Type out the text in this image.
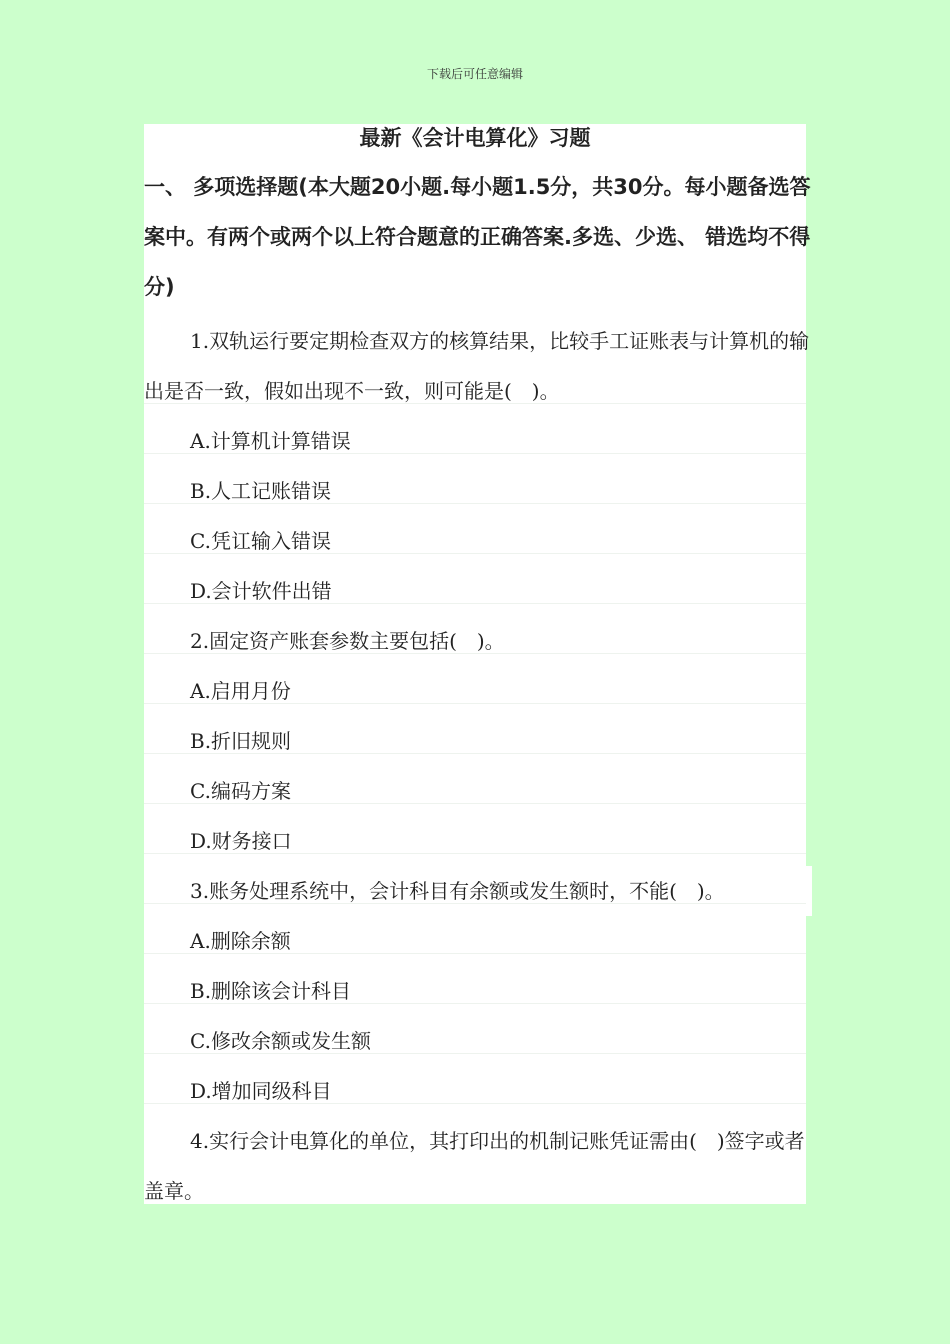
下载后可任意编辑
最新《会计电算化》习题
一、 多项选择题(本大题20小题.每小题1.5分，共30分。每小题备选答案中。有两个或两个以上符合题意的正确答案.多选、少选、 错选均不得分)
1.双轨运行要定期检查双方的核算结果，比较手工证账表与计算机的输出是否一致，假如出现不一致，则可能是(　)。
A.计算机计算错误
B.人工记账错误
C.凭讧输入错误
D.会计软件出错
2.固定资产账套参数主要包括(　)。
A.启用月份
B.折旧规则
C.编码方案
D.财务接口
3.账务处理系统中，会计科目有余额或发生额时，不能(　)。
A.删除余额
B.删除该会计科目
C.修改余额或发生额
D.增加同级科目
4.实行会计电算化的单位，其打印出的机制记账凭证需由(　)签字或者盖章。
